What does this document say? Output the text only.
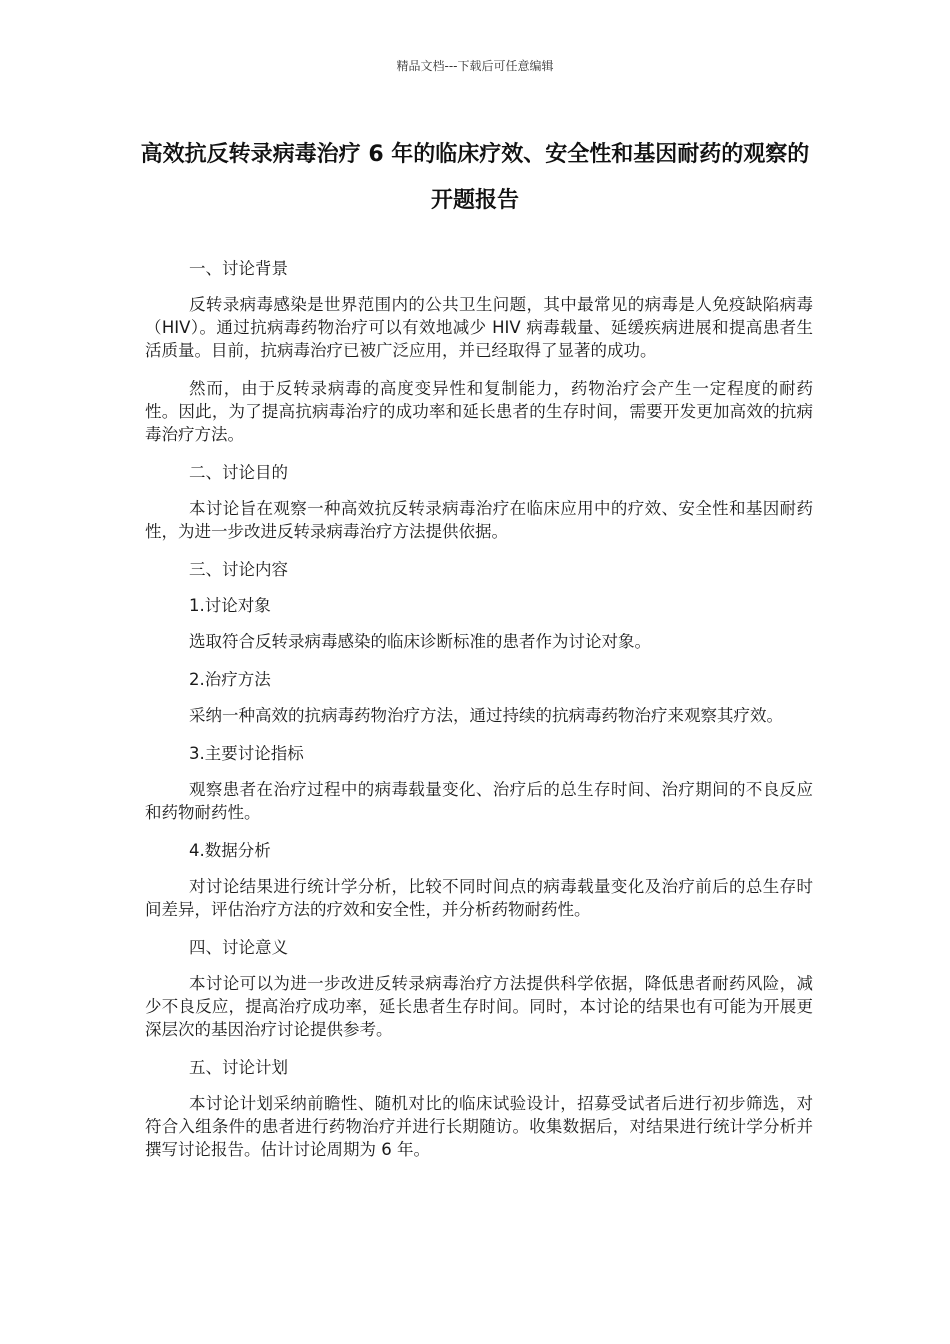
精品文档---下载后可任意编辑
高效抗反转录病毒治疗 6 年的临床疗效、安全性和基因耐药的观察的开题报告

一、讨论背景

反转录病毒感染是世界范围内的公共卫生问题，其中最常见的病毒是人免疫缺陷病毒（HIV）。通过抗病毒药物治疗可以有效地减少 HIV 病毒载量、延缓疾病进展和提高患者生活质量。目前，抗病毒治疗已被广泛应用，并已经取得了显著的成功。

然而，由于反转录病毒的高度变异性和复制能力，药物治疗会产生一定程度的耐药性。因此，为了提高抗病毒治疗的成功率和延长患者的生存时间，需要开发更加高效的抗病毒治疗方法。

二、讨论目的

本讨论旨在观察一种高效抗反转录病毒治疗在临床应用中的疗效、安全性和基因耐药性，为进一步改进反转录病毒治疗方法提供依据。

三、讨论内容

1.讨论对象

选取符合反转录病毒感染的临床诊断标准的患者作为讨论对象。

2.治疗方法

采纳一种高效的抗病毒药物治疗方法，通过持续的抗病毒药物治疗来观察其疗效。

3.主要讨论指标

观察患者在治疗过程中的病毒载量变化、治疗后的总生存时间、治疗期间的不良反应和药物耐药性。

4.数据分析

对讨论结果进行统计学分析，比较不同时间点的病毒载量变化及治疗前后的总生存时间差异，评估治疗方法的疗效和安全性，并分析药物耐药性。

四、讨论意义

本讨论可以为进一步改进反转录病毒治疗方法提供科学依据，降低患者耐药风险，减少不良反应，提高治疗成功率，延长患者生存时间。同时，本讨论的结果也有可能为开展更深层次的基因治疗讨论提供参考。

五、讨论计划

本讨论计划采纳前瞻性、随机对比的临床试验设计，招募受试者后进行初步筛选，对符合入组条件的患者进行药物治疗并进行长期随访。收集数据后，对结果进行统计学分析并撰写讨论报告。估计讨论周期为 6 年。
